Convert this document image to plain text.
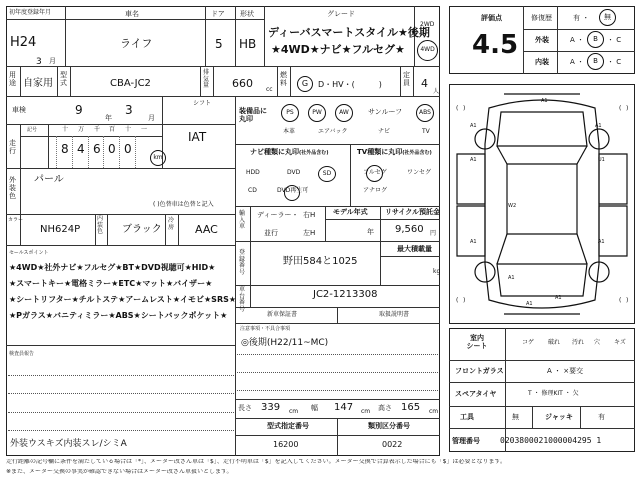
初年度登録年月
H24
3 月
車名
ライフ
ドア
5
形状
HB
グレード
ディーバスマートスタイル★後期
★4WD★ナビ★フルセグ★
2WD
4WD
用途 自家用
型式	CBA-JC2
排気量 660 cc
燃料 G D・HV・(　　　)
定員 4
人
車検	9
年
3
月
シフト
IAT
走行
記号
km
外装色
パール
( )色替車は色替と記入
カラー
NH624P
内装色 ブラック
冷房 AAC
セールスポイント
検査員報告
外装ウスキズ内装スレ/シミA
装備品に丸印
ナビ種類に丸印(社外品含む)	TV種類に丸印(社外品含む)
輸入車
ディーラー・ 右H
並行	左H
モデル年式
年
リサイクル預託金
9,560 円
登録番号
野田584と1025
最大積載量
kg
車台番号
JC2-1213308
新車保証書	取扱説明書
注意事項・不具合事項
◎後期(H22/11~MC)
長さ 339 cm 幅 147 cm 高さ 165 cm
型式指定番号
16200
類別区分番号
0022
評価点
4.5
修復歴	有 ・ 無
外装	A ・ B ・ C
内装	A ・ B ・ C
( )	( )
( )	( )
室内
シート
フロントガラス	A ・ ×要交
スペアタイヤ	T ・ 修理KIT ・ 欠
工具	無	ジャッキ	有
管理番号	0203800021000004295 1
走行距離の記号欄に条件を満たしている場合は「*」、メーター改ざん車は「$」、走行不明車は「$」を記入してください。メーター交換で合算表示した場合にも「$」は必要となります。
※また、メーター交換の事実が確認できない場合はメーター改ざん車扱いとします。
十 万 千 百 十 一
8 4 6 0 0
★4WD★社外ナビ★フルセグ★BT★DVD視聴可★HID★
★スマートキー★電格ミラー★ETC★マット★バイザー★
★シートリフター★チルトステ★アームレスト★イモビ★SRS★
★Pガラス★バニティミラー★ABS★シートバックポケット★
PS	PW	AW	サンルーフ	ABS
本革	エアバック	ナビ	TV
HDD	DVD	SD
CD	DVD再生可
フルセグ	ワンセグ
アナログ
A1
A1	A1
A1	U1
W2
A1	A1
A1
A1
A1
コゲ 破れ 汚れ 穴 キズ
